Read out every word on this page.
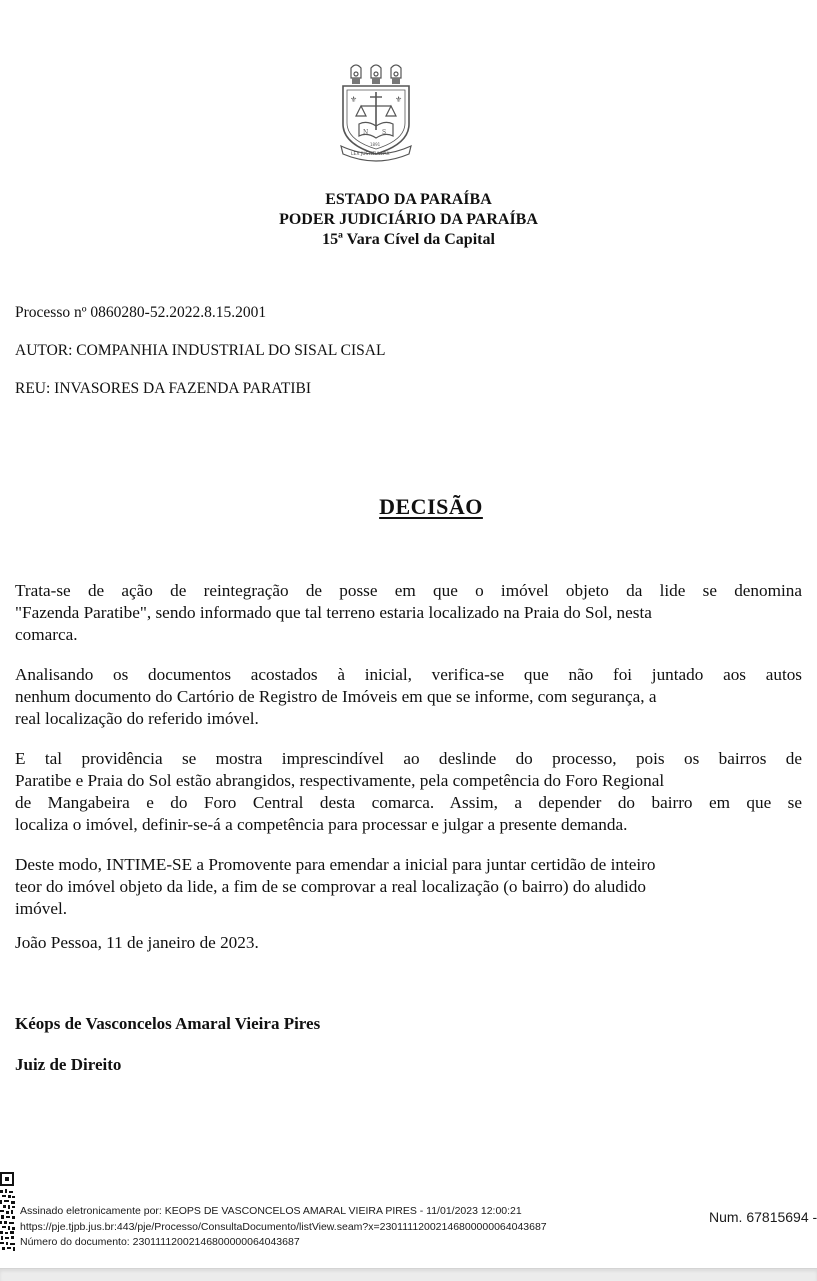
⚜	⚜
N S
1891
LEX JUSTITIA PAX
ESTADO DA PARAÍBA
PODER JUDICIÁRIO DA PARAÍBA
15ª Vara Cível da Capital
Processo nº 0860280-52.2022.8.15.2001
AUTOR: COMPANHIA INDUSTRIAL DO SISAL CISAL
REU: INVASORES DA FAZENDA PARATIBI
DECISÃO
Trata-se de ação de reintegração de posse em que o imóvel objeto da lide se denomina
"Fazenda Paratibe", sendo informado que tal terreno estaria localizado na Praia do Sol, nesta
comarca.
Analisando os documentos acostados à inicial, verifica-se que não foi juntado aos autos
nenhum documento do Cartório de Registro de Imóveis em que se informe, com segurança, a
real localização do referido imóvel.
E tal providência se mostra imprescindível ao deslinde do processo, pois os bairros de
Paratibe e Praia do Sol estão abrangidos, respectivamente, pela competência do Foro Regional
de Mangabeira e do Foro Central desta comarca. Assim, a depender do bairro em que se
localiza o imóvel, definir-se-á a competência para processar e julgar a presente demanda.
Deste modo, INTIME-SE a Promovente para emendar a inicial para juntar certidão de inteiro
teor do imóvel objeto da lide, a fim de se comprovar a real localização (o bairro) do aludido
imóvel.
João Pessoa, 11 de janeiro de 2023.
Kéops de Vasconcelos Amaral Vieira Pires
Juiz de Direito
Assinado eletronicamente por: KEOPS DE VASCONCELOS AMARAL VIEIRA PIRES - 11/01/2023 12:00:21
https://pje.tjpb.jus.br:443/pje/Processo/ConsultaDocumento/listView.seam?x=23011112002146800000064043687
Número do documento: 23011112002146800000064043687
Num. 67815694 -
